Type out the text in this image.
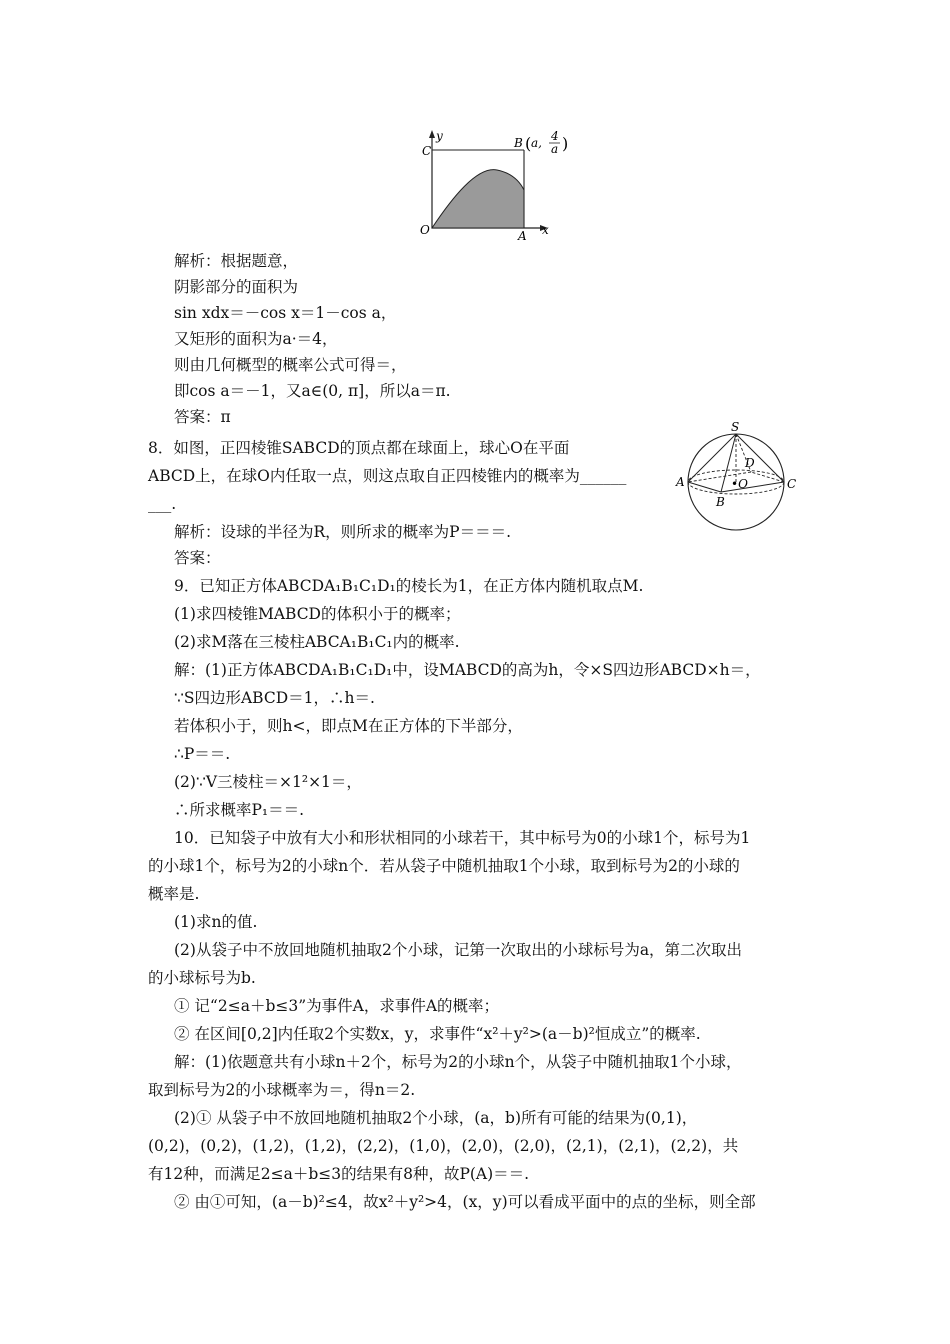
y
C
B ( a, 4
a )
O	A x
S
D
A	•O	C
B
解析：根据题意，
阴影部分的面积为
sin xdx＝－cos x＝1－cos a，
又矩形的面积为a·＝4，
则由几何概型的概率公式可得＝，
即cos a＝－1，又a∈(0, π]，所以a＝π.
答案：π
8．如图，正四棱锥SABCD的顶点都在球面上，球心O在平面
ABCD上，在球O内任取一点，则这点取自正四棱锥内的概率为______
___.
解析：设球的半径为R，则所求的概率为P＝＝＝.
答案：
9．已知正方体ABCDA₁B₁C₁D₁的棱长为1，在正方体内随机取点M.
(1)求四棱锥MABCD的体积小于的概率；
(2)求M落在三棱柱ABCA₁B₁C₁内的概率.
解：(1)正方体ABCDA₁B₁C₁D₁中，设MABCD的高为h，令×S四边形ABCD×h＝，
∵S四边形ABCD＝1，∴h＝.
若体积小于，则h<，即点M在正方体的下半部分，
∴P＝＝.
(2)∵V三棱柱＝×1²×1＝，
∴所求概率P₁＝＝.
10．已知袋子中放有大小和形状相同的小球若干，其中标号为0的小球1个，标号为1
的小球1个，标号为2的小球n个．若从袋子中随机抽取1个小球，取到标号为2的小球的
概率是.
(1)求n的值.
(2)从袋子中不放回地随机抽取2个小球，记第一次取出的小球标号为a，第二次取出
的小球标号为b.
① 记“2≤a＋b≤3”为事件A，求事件A的概率；
② 在区间[0,2]内任取2个实数x，y，求事件“x²＋y²>(a－b)²恒成立”的概率.
解：(1)依题意共有小球n＋2个，标号为2的小球n个，从袋子中随机抽取1个小球，
取到标号为2的小球概率为＝，得n＝2.
(2)① 从袋子中不放回地随机抽取2个小球，(a，b)所有可能的结果为(0,1)，
(0,2)，(0,2)，(1,2)，(1,2)，(2,2)，(1,0)，(2,0)，(2,0)，(2,1)，(2,1)，(2,2)，共
有12种，而满足2≤a＋b≤3的结果有8种，故P(A)＝＝.
② 由①可知，(a－b)²≤4，故x²＋y²>4，(x，y)可以看成平面中的点的坐标，则全部
